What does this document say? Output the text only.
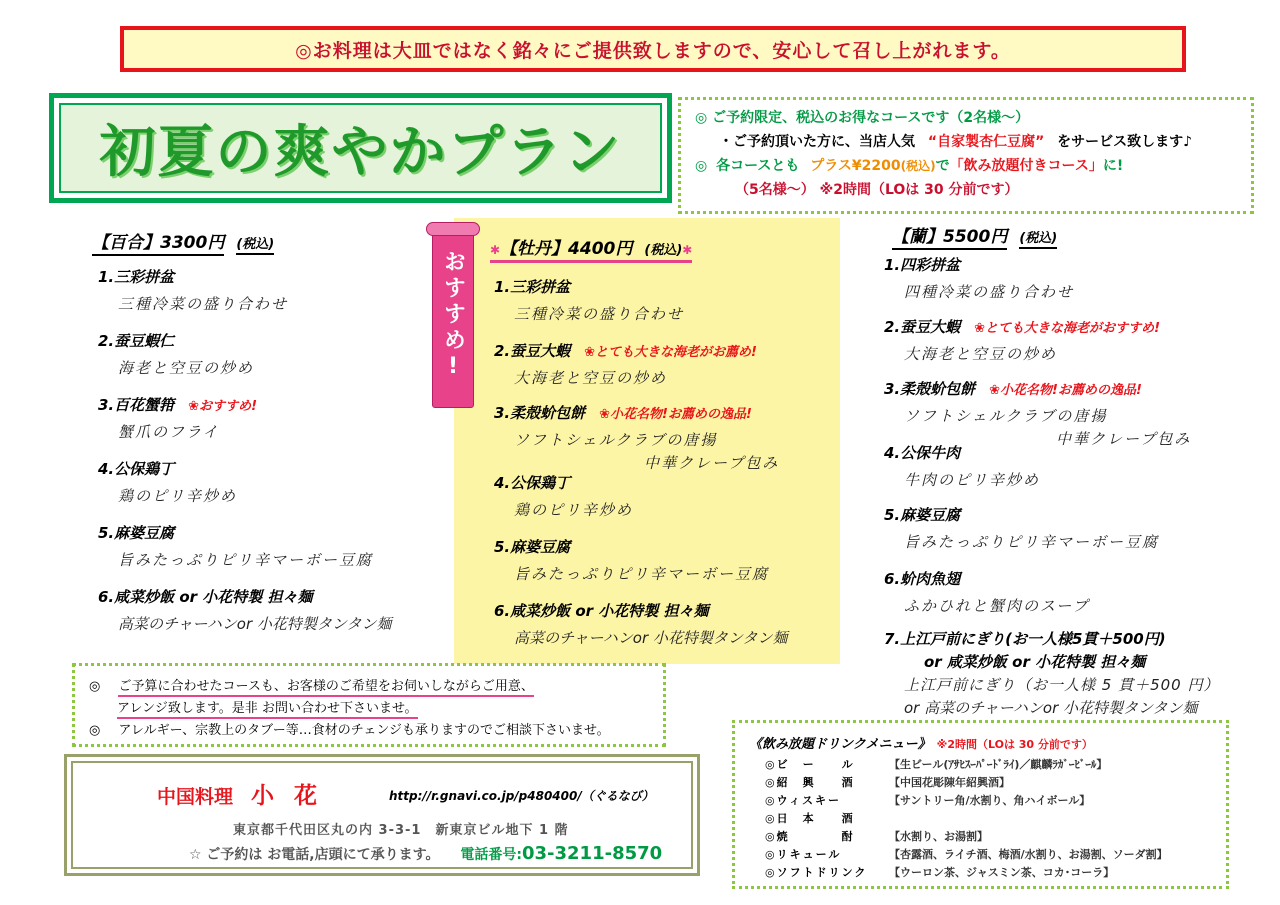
◎お料理は大皿ではなく銘々にご提供致しますので、安心して召し上がれます。
初夏の爽やかプラン
◎ ご予約限定、税込のお得なコースです（2名様～）
・ご予約頂いた方に、当店人気 “自家製杏仁豆腐” をサービス致します♪
◎ 各コースとも プラス¥2200(税込)で「飲み放題付きコース」に!
（5名様～） ※2時間（LOは 30 分前です）
おすすめ!
【百合】3300円 (税込)
1.三彩拼盆
三種冷菜の盛り合わせ
2.蚕豆蝦仁
海老と空豆の炒め
3.百花蟹箝 ❀おすすめ!
蟹爪のフライ
4.公保鶏丁
鶏のピリ辛炒め
5.麻婆豆腐
旨みたっぷりピリ辛マーボー豆腐
6.咸菜炒飯 or 小花特製 担々麺
高菜のチャーハンor 小花特製タンタン麺
✱【牡丹】4400円 (税込)✱
1.三彩拼盆
三種冷菜の盛り合わせ
2.蚕豆大蝦 ❀とても大きな海老がお薦め!
大海老と空豆の炒め
3.柔殻蚧包餅 ❀小花名物!お薦めの逸品!
ソフトシェルクラブの唐揚
中華クレープ包み
4.公保鶏丁
鶏のピリ辛炒め
5.麻婆豆腐
旨みたっぷりピリ辛マーボー豆腐
6.咸菜炒飯 or 小花特製 担々麺
高菜のチャーハンor 小花特製タンタン麺
【蘭】5500円 (税込)
1.四彩拼盆
四種冷菜の盛り合わせ
2.蚕豆大蝦 ❀とても大きな海老がおすすめ!
大海老と空豆の炒め
3.柔殻蚧包餅 ❀小花名物!お薦めの逸品!
ソフトシェルクラブの唐揚
中華クレープ包み
4.公保牛肉
牛肉のピリ辛炒め
5.麻婆豆腐
旨みたっぷりピリ辛マーボー豆腐
6.蚧肉魚翅
ふかひれと蟹肉のスープ
7.上江戸前にぎり(お一人様5貫＋500円)
or 咸菜炒飯 or 小花特製 担々麺
上江戸前にぎり（お一人様 5 貫＋500 円）
or 高菜のチャーハンor 小花特製タンタン麺
◎ ご予算に合わせたコースも、お客様のご希望をお伺いしながらご用意、
アレンジ致します。是非 お問い合わせ下さいませ。
◎ アレルギー、宗教上のタブー等…食材のチェンジも承りますのでご相談下さいませ。
中国料理 小 花	http://r.gnavi.co.jp/p480400/（ぐるなび）
東京都千代田区丸の内 3-3-1　新東京ビル地下 1 階
☆ ご予約は お電話,店頭にて承ります。 電話番号:03-3211-8570
《飲み放題ドリンクメニュー》 ※2時間（LOは 30 分前です）
◎ビ　ー　　ル	【生ビール(ｱｻﾋｽｰﾊﾟｰﾄﾞﾗｲ)／麒麟ﾗｶﾞｰﾋﾞｰﾙ】
◎紹　興　　酒	【中国花彫陳年紹興酒】
◎ウィスキー	【サントリー角/水割り、角ハイボール】
◎日　本　　酒
◎焼　　　　酎	【水割り、お湯割】
◎リキュール	【杏露酒、ライチ酒、梅酒/水割り、お湯割、ソーダ割】
◎ソフトドリンク	【ウーロン茶、ジャスミン茶、コカ･コーラ】
